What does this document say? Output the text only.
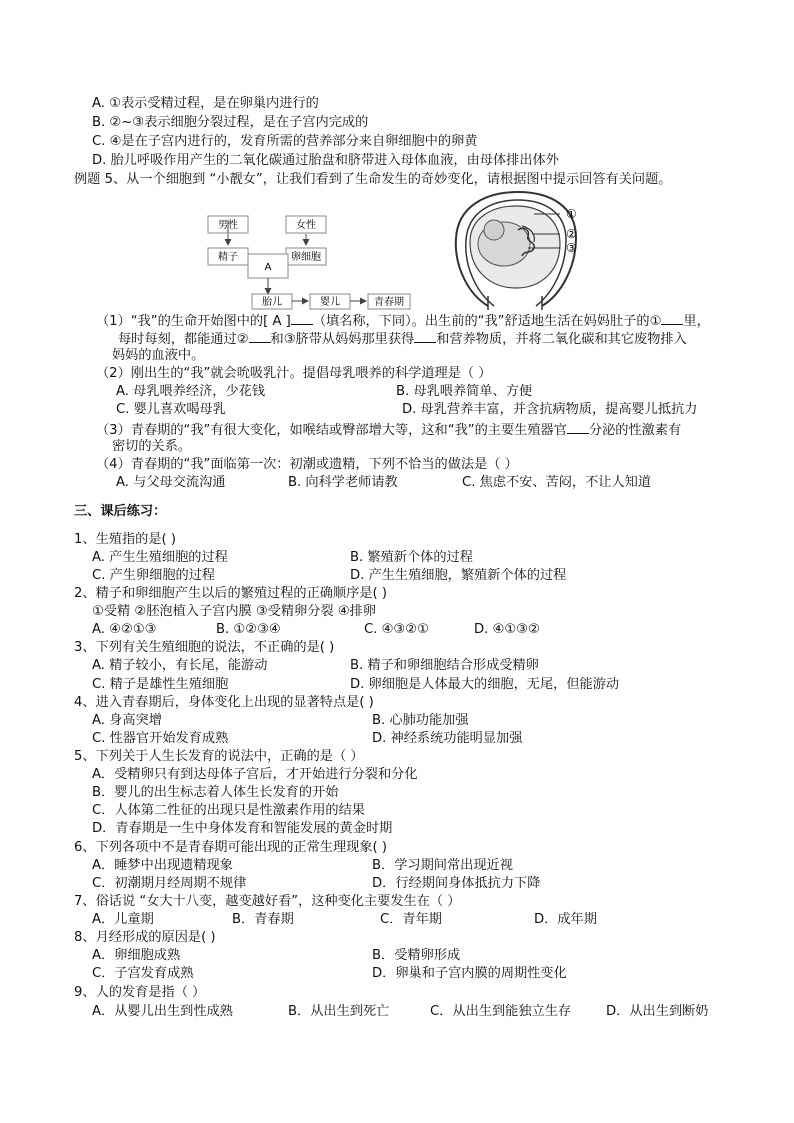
A. ①表示受精过程，是在卵巢内进行的
B. ②~③表示细胞分裂过程，是在子宫内完成的
C. ④是在子宫内进行的，发育所需的营养部分来自卵细胞中的卵黄
D. 胎儿呼吸作用产生的二氧化碳通过胎盘和脐带进入母体血液，由母体排出体外
例题 5、从一个细胞到 “小靓女”，让我们看到了生命发生的奇妙变化，请根据图中提示回答有关问题。
男性	女性
精子	卵细胞
A
胎儿	婴儿	青春期
①
②
③
（1）“我”的生命开始图中的[ A ] （填名称，下同）。出生前的“我”舒适地生活在妈妈肚子的① 里，
每时每刻，都能通过② 和③脐带从妈妈那里获得 和营养物质，并将二氧化碳和其它废物排入
妈妈的血液中。
（2）刚出生的“我”就会吮吸乳汁。提倡母乳喂养的科学道理是（ ）
A. 母乳喂养经济，少花钱	B. 母乳喂养简单、方便
C. 婴儿喜欢喝母乳	D. 母乳营养丰富，并含抗病物质，提高婴儿抵抗力
（3）青春期的“我”有很大变化，如喉结或臀部增大等，这和“我”的主要生殖器官 分泌的性激素有
密切的关系。
（4）青春期的“我”面临第一次：初潮或遗精，下列不恰当的做法是（ ）
A. 与父母交流沟通	B. 向科学老师请教	C. 焦虑不安、苦闷，不让人知道
三、课后练习：
1、生殖指的是( )
A. 产生生殖细胞的过程	B. 繁殖新个体的过程
C. 产生卵细胞的过程	D. 产生生殖细胞，繁殖新个体的过程
2、精子和卵细胞产生以后的繁殖过程的正确顺序是( )
①受精 ②胚泡植入子宫内膜 ③受精卵分裂 ④排卵
A. ④②①③	B. ①②③④	C. ④③②①	D. ④①③②
3、下列有关生殖细胞的说法，不正确的是( )
A. 精子较小，有长尾，能游动	B. 精子和卵细胞结合形成受精卵
C. 精子是雄性生殖细胞	D. 卵细胞是人体最大的细胞，无尾，但能游动
4、进入青春期后，身体变化上出现的显著特点是( )
A. 身高突增	B. 心肺功能加强
C. 性器官开始发育成熟	D. 神经系统功能明显加强
5、下列关于人生长发育的说法中，正确的是（ ）
A．受精卵只有到达母体子宫后，才开始进行分裂和分化
B．婴儿的出生标志着人体生长发育的开始
C．人体第二性征的出现只是性激素作用的结果
D．青春期是一生中身体发育和智能发展的黄金时期
6、下列各项中不是青春期可能出现的正常生理现象( )
A．睡梦中出现遗精现象	B．学习期间常出现近视
C．初潮期月经周期不规律	D．行经期间身体抵抗力下降
7、俗话说 “女大十八变，越变越好看”，这种变化主要发生在（ ）
A．儿童期	B．青春期	C．青年期	D．成年期
8、月经形成的原因是( )
A．卵细胞成熟	B．受精卵形成
C．子宫发育成熟	D．卵巢和子宫内膜的周期性变化
9、人的发育是指（ ）
A．从婴儿出生到性成熟	B．从出生到死亡	C．从出生到能独立生存	D．从出生到断奶
